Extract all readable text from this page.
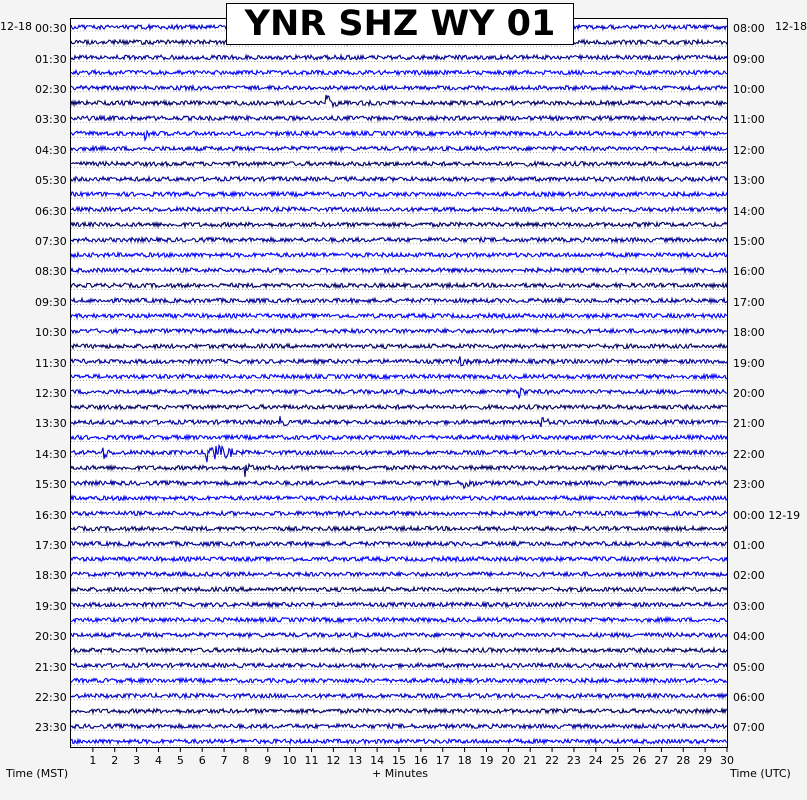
YNR SHZ WY 01
12-18	12-18
00:30
01:30
02:30
03:30
04:30
05:30
06:30
07:30
08:30
09:30
10:30
11:30
12:30
13:30
14:30
15:30
16:30
17:30
18:30
19:30
20:30
21:30
22:30
23:30
08:00
09:00
10:00
11:00
12:00
13:00
14:00
15:00
16:00
17:00
18:00
19:00
20:00
21:00
22:00
23:00
00:00 12-19
01:00
02:00
03:00
04:00
05:00
06:00
07:00
1	2	3	4	5	6	7	8	9	10 11 12 13 14 15 16 17 18 19 20 21 22 23 24 25 26 27 28 29 30
Time (MST)	+ Minutes	Time (UTC)
